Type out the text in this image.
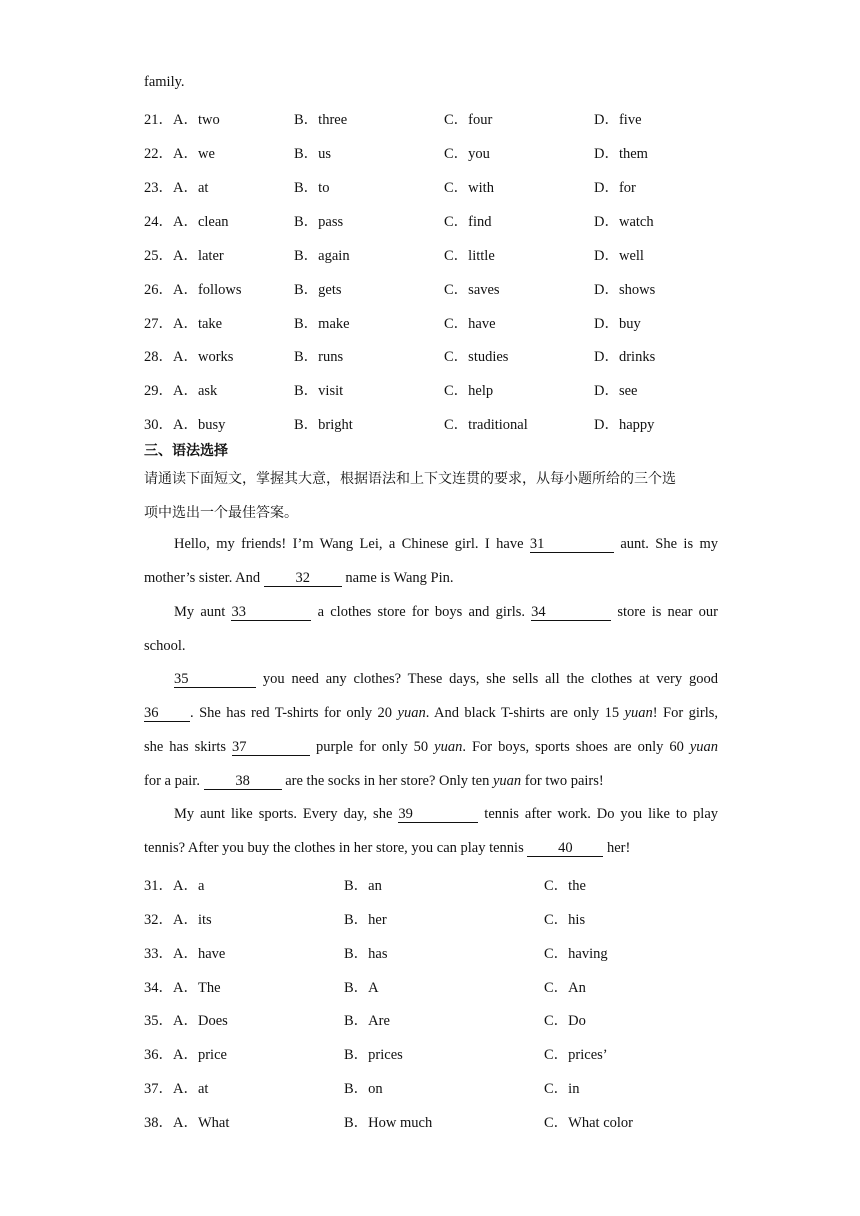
family.
21． A．two	B．three	C．four	D．five
22． A．we	B．us	C．you	D．them
23． A．at	B．to	C．with	D．for
24． A．clean	B．pass	C．find	D．watch
25． A．later	B．again	C．little	D．well
26． A．follows	B．gets	C．saves	D．shows
27． A．take	B．make	C．have	D．buy
28． A．works	B．runs	C．studies	D．drinks
29． A．ask	B．visit	C．help	D．see
30． A．busy	B．bright	C．traditional	D．happy
三、语法选择
请通读下面短文，掌握其大意，根据语法和上下文连贯的要求，从每小题所给的三个选
项中选出一个最佳答案。
Hello, my friends! I’m Wang Lei, a Chinese girl. I have 31	aunt. She is my
mother’s sister. And 32 name is Wang Pin.
My aunt 33	a clothes store for boys and girls. 34	store is near our
school.
35	you need any clothes? These days, she sells all the clothes at very good
36 . She has red T-shirts for only 20 yuan. And black T-shirts are only 15 yuan! For girls,
she has skirts 37	purple for only 50 yuan. For boys, sports shoes are only 60 yuan
for a pair. 38 are the socks in her store? Only ten yuan for two pairs!
My aunt like sports. Every day, she 39	tennis after work. Do you like to play
tennis? After you buy the clothes in her store, you can play tennis 40 her!
31． A．a	B．an	C．the
32． A．its	B．her	C．his
33． A．have	B．has	C．having
34． A．The	B．A	C．An
35． A．Does	B．Are	C．Do
36． A．price	B．prices	C．prices’
37． A．at	B．on	C．in
38． A．What	B．How much	C．What color
